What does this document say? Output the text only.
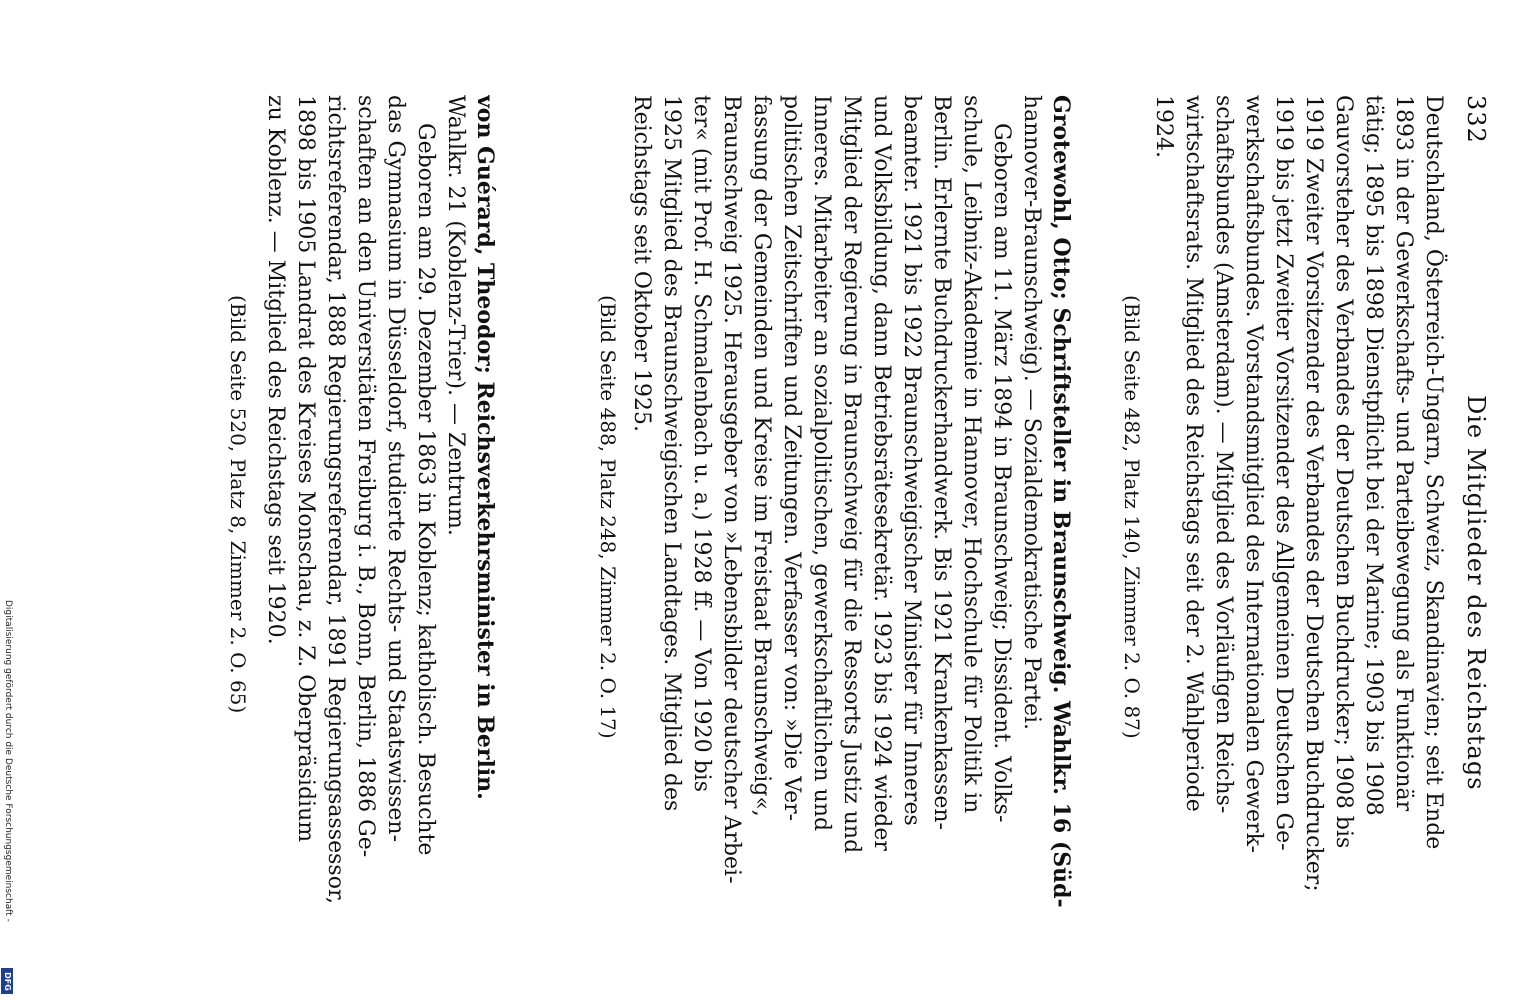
332
Die Mitglieder des Reichstags
Deutschland, Österreich-Ungarn, Schweiz, Skandinavien; seit Ende
1893 in der Gewerkschafts- und Parteibewegung als Funktionär
tätig; 1895 bis 1898 Dienstpflicht bei der Marine; 1903 bis 1908
Gauvorsteher des Verbandes der Deutschen Buchdrucker; 1908 bis
1919 Zweiter Vorsitzender des Verbandes der Deutschen Buchdrucker;
1919 bis jetzt Zweiter Vorsitzender des Allgemeinen Deutschen Ge-
werkschaftsbundes. Vorstandsmitglied des Internationalen Gewerk-
schaftsbundes (Amsterdam). — Mitglied des Vorläufigen Reichs-
wirtschaftsrats. Mitglied des Reichstags seit der 2. Wahlperiode
1924.
(Bild Seite 482, Platz 140, Zimmer 2. O. 87)
Grotewohl, Otto; Schriftsteller in Braunschweig. Wahlkr. 16 (Süd-
hannover-Braunschweig). — Sozialdemokratische Partei.
Geboren am 11. März 1894 in Braunschweig; Dissident. Volks-
schule, Leibniz-Akademie in Hannover, Hochschule für Politik in
Berlin. Erlernte Buchdruckerhandwerk. Bis 1921 Krankenkassen-
beamter. 1921 bis 1922 Braunschweigischer Minister für Inneres
und Volksbildung, dann Betriebsrätesekretär. 1923 bis 1924 wieder
Mitglied der Regierung in Braunschweig für die Ressorts Justiz und
Inneres. Mitarbeiter an sozialpolitischen, gewerkschaftlichen und
politischen Zeitschriften und Zeitungen. Verfasser von: »Die Ver-
fassung der Gemeinden und Kreise im Freistaat Braunschweig«,
Braunschweig 1925. Herausgeber von »Lebensbilder deutscher Arbei-
ter« (mit Prof. H. Schmalenbach u. a.) 1928 ff. — Von 1920 bis
1925 Mitglied des Braunschweigischen Landtages. Mitglied des
Reichstags seit Oktober 1925.
(Bild Seite 488, Platz 248, Zimmer 2. O. 17)
von Guérard, Theodor; Reichsverkehrsminister in Berlin.
Wahlkr. 21 (Koblenz-Trier). — Zentrum.
Geboren am 29. Dezember 1863 in Koblenz; katholisch. Besuchte
das Gymnasium in Düsseldorf, studierte Rechts- und Staatswissen-
schaften an den Universitäten Freiburg i. B., Bonn, Berlin, 1886 Ge-
richtsreferendar, 1888 Regierungsreferendar, 1891 Regierungsassessor,
1898 bis 1905 Landrat des Kreises Monschau, z. Z. Oberpräsidium
zu Koblenz. — Mitglied des Reichstags seit 1920.
(Bild Seite 520, Platz 8, Zimmer 2. O. 65)
Digitalisierung gefördert durch die Deutsche Forschungsgemeinschaft -
DFG
